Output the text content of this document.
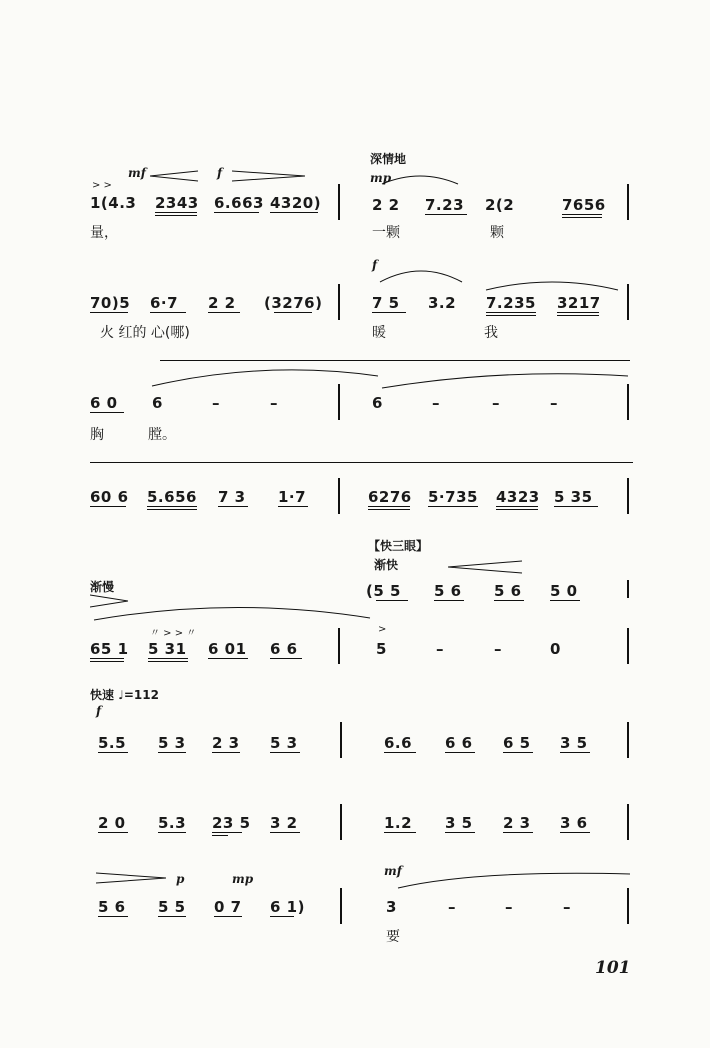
mf	f
> >
1(4.3 2343 6.663 4320)
深情地
mp
2 2 7.23 2(2	7656
量，	一颗	颗
f
70)5 6·7 2 2 (3276)	7 5 3.2 7.235 3217
火 红的 心(哪)	暖	我
6 0 6	–	–	6	–	–	–
胸	膛。
60 6 5.656 7 3 1·7	6276 5·735 4323 5 35
【快三眼】
渐快
渐慢	(5 5 5 6 5 6 5 0
〃 > > 〃
65 1 5 31 6 01 6 6
>
5	–	–	0
快速 ♩=112
f
5.5 5 3 2 3 5 3	6.6 6 6 6 5 3 5
2 0 5.3 23 5 3 2	1.2 3 5 2 3 3 6
p	mp
mf
5 6 5 5 0 7 6 1)	3	–	–	–
要
101
